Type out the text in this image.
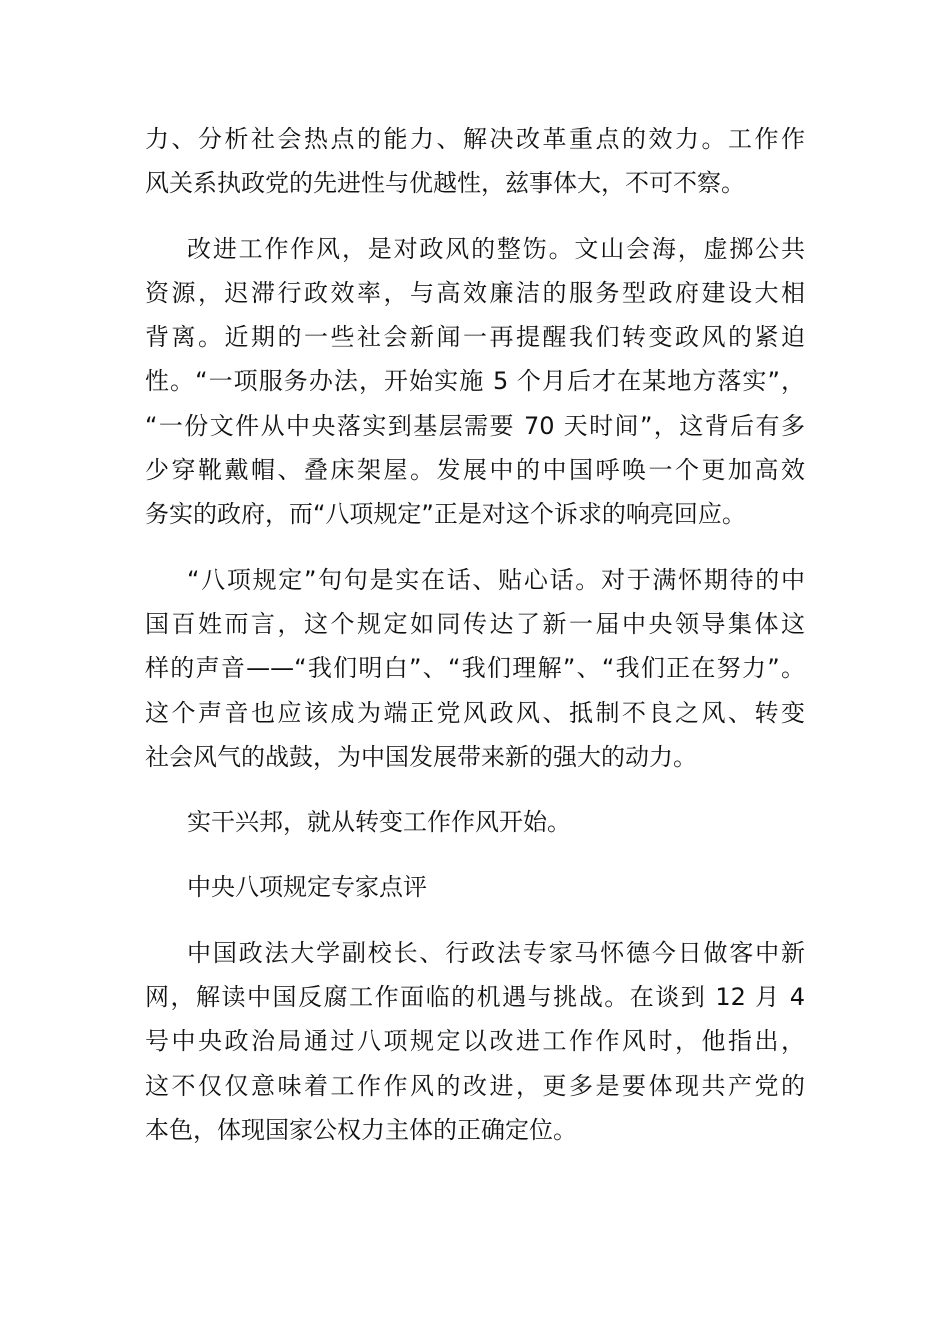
力、分析社会热点的能力、解决改革重点的效力。工作作
风关系执政党的先进性与优越性，兹事体大，不可不察。
改进工作作风，是对政风的整饬。文山会海，虚掷公共
资源，迟滞行政效率，与高效廉洁的服务型政府建设大相
背离。近期的一些社会新闻一再提醒我们转变政风的紧迫
性。“一项服务办法，开始实施 5 个月后才在某地方落实”，
“一份文件从中央落实到基层需要 70 天时间”，这背后有多
少穿靴戴帽、叠床架屋。发展中的中国呼唤一个更加高效
务实的政府，而“八项规定”正是对这个诉求的响亮回应。
“八项规定”句句是实在话、贴心话。对于满怀期待的中
国百姓而言，这个规定如同传达了新一届中央领导集体这
样的声音——“我们明白”、“我们理解”、“我们正在努力”。
这个声音也应该成为端正党风政风、抵制不良之风、转变
社会风气的战鼓，为中国发展带来新的强大的动力。
实干兴邦，就从转变工作作风开始。
中央八项规定专家点评
中国政法大学副校长、行政法专家马怀德今日做客中新
网，解读中国反腐工作面临的机遇与挑战。在谈到 12 月 4
号中央政治局通过八项规定以改进工作作风时，他指出，
这不仅仅意味着工作作风的改进，更多是要体现共产党的
本色，体现国家公权力主体的正确定位。
